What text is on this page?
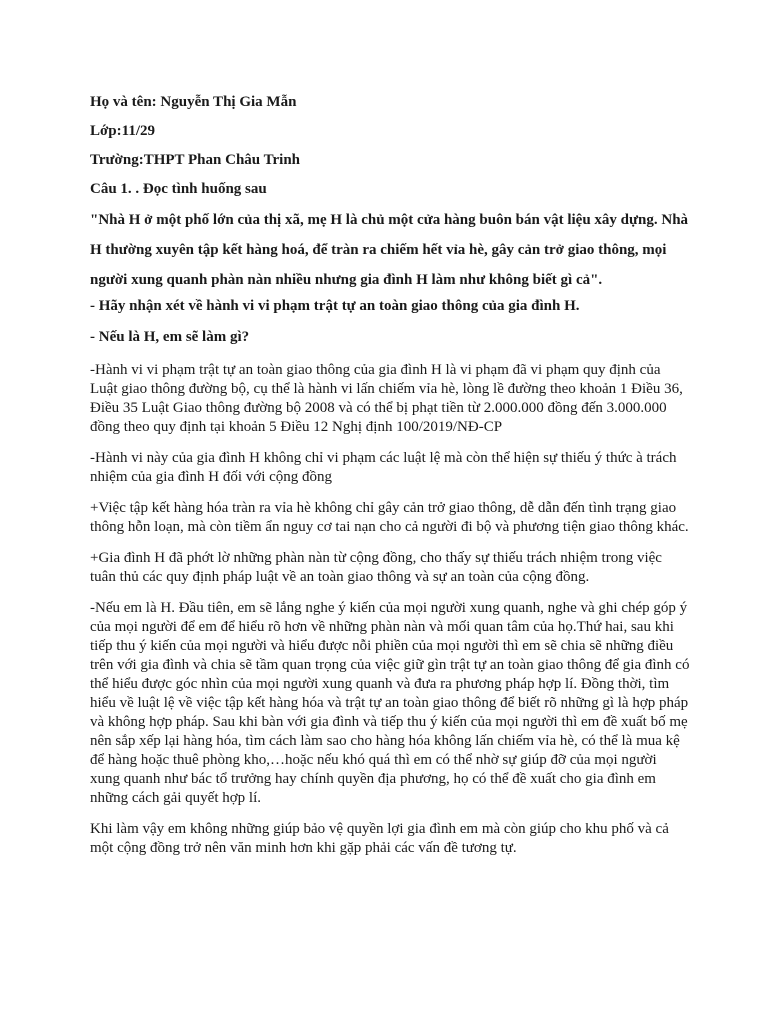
Họ và tên: Nguyễn Thị Gia Mẫn
Lớp:11/29
Trường:THPT Phan Châu Trinh
Câu 1. . Đọc tình huống sau
"Nhà H ở một phố lớn của thị xã, mẹ H là chủ một cửa hàng buôn bán vật liệu xây dựng. Nhà H thường xuyên tập kết hàng hoá, để tràn ra chiếm hết vỉa hè, gây cản trở giao thông, mọi người xung quanh phàn nàn nhiều nhưng gia đình H làm như không biết gì cả".
- Hãy nhận xét về hành vi vi phạm trật tự an toàn giao thông của gia đình H.
- Nếu là H, em sẽ làm gì?
-Hành vi vi phạm trật tự an toàn giao thông của gia đình H là vi phạm đã vi phạm quy định của Luật giao thông đường bộ, cụ thể là hành vi lấn chiếm vỉa hè, lòng lề đường theo khoản 1 Điều 36, Điều 35 Luật Giao thông đường bộ 2008 và có thể bị phạt tiền từ 2.000.000 đồng đến 3.000.000 đồng theo quy định tại khoản 5 Điều 12 Nghị định 100/2019/NĐ-CP
-Hành vi này của gia đình H không chỉ vi phạm các luật lệ mà còn thể hiện sự thiếu ý thức à trách nhiệm của gia đình H đối với cộng đồng
+Việc tập kết hàng hóa tràn ra vỉa hè không chỉ gây cản trở giao thông, dễ dẫn đến tình trạng giao thông hỗn loạn, mà còn tiềm ẩn nguy cơ tai nạn cho cả người đi bộ và phương tiện giao thông khác.
+Gia đình H đã phớt lờ những phàn nàn từ cộng đồng, cho thấy sự thiếu trách nhiệm trong việc tuân thủ các quy định pháp luật về an toàn giao thông và sự an toàn của cộng đồng.
-Nếu em là H. Đầu tiên, em sẽ lắng nghe ý kiến của mọi người xung quanh, nghe và ghi chép góp ý của mọi người để em để hiểu rõ hơn về những phàn nàn và mối quan tâm của họ.Thứ hai, sau khi tiếp thu ý kiến của mọi người và hiểu được nỗi phiền của mọi người thì em sẽ chia sẽ những điều trên với gia đình và chia sẽ tầm quan trọng của việc giữ gìn trật tự an toàn giao thông để gia đình có thể hiểu được góc nhìn của mọi người xung quanh và đưa ra phương pháp hợp lí. Đồng thời, tìm hiểu về luật lệ về việc tập kết hàng hóa và trật tự an toàn giao thông để biết rõ những gì là hợp pháp và không hợp pháp. Sau khi bàn với gia đình và tiếp thu ý kiến của mọi người thì em đề xuất bố mẹ nên sắp xếp lại hàng hóa, tìm cách làm sao cho hàng hóa không lấn chiếm vỉa hè, có thể là mua kệ để hàng hoặc thuê phòng kho,…hoặc nếu khó quá thì em có thể nhờ sự giúp đỡ của mọi người xung quanh như bác tổ trưởng hay chính quyền địa phương, họ có thể đề xuất cho gia đình em những cách gải quyết hợp lí.
Khi làm vậy em không những giúp bảo vệ quyền lợi gia đình em mà còn giúp cho khu phố và cả một cộng đồng trở nên văn minh hơn khi gặp phải các vấn đề tương tự.
